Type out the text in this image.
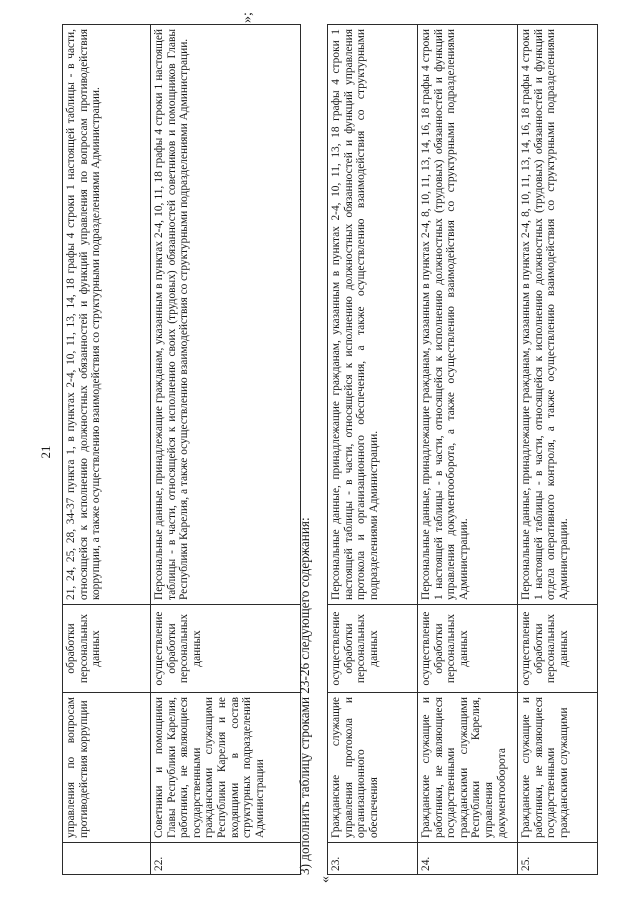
21
	управления по вопросам противодействия коррупции	обработки персональных данных	21, 24, 25, 28, 34-37 пункта 1, в пунктах 2-4, 10, 11, 13, 14, 18 графы 4 строки 1 настоящей таблицы - в части, относящейся к исполнению должностных обязанностей и функций управления по вопросам противодействия коррупции, а также осуществлению взаимодействия со структурными подразделениями Администрации.
22.	Советники и помощники Главы Республики Карелия, работники, не являющиеся государственными гражданскими служащими Республики Карелия и не входящими в состав структурных подразделений Администрации	осуществление обработки персональных данных	Персональные данные, принадлежащие гражданам, указанным в пунктах 2-4, 10, 11, 18 графы 4 строки 1 настоящей таблицы - в части, относящейся к исполнению своих (трудовых) обязанностей советников и помощников Главы Республики Карелия, а также осуществлению взаимодействия со структурными подразделениями Администрации.
»;
3) дополнить таблицу строками 23-26 следующего содержания:
«
23.	Гражданские служащие управления протокола и организационного обеспечения	осуществление обработки персональных данных	Персональные данные, принадлежащие гражданам, указанным в пунктах 2-4, 10, 11, 13, 18 графы 4 строки 1 настоящей таблицы - в части, относящейся к исполнению должностных обязанностей и функций управления протокола и организационного обеспечения, а также осуществлению взаимодействия со структурными подразделениями Администрации.
24.	Гражданские служащие и работники, не являющиеся государственными гражданскими служащими Республики Карелия, управления документооборота	осуществление обработки персональных данных	Персональные данные, принадлежащие гражданам, указанным в пунктах 2-4, 8, 10, 11, 13, 14, 16, 18 графы 4 строки 1 настоящей таблицы - в части, относящейся к исполнению должностных (трудовых) обязанностей и функций управления документооборота, а также осуществлению взаимодействия со структурными подразделениями Администрации.
25.	Гражданские служащие и работники, не являющиеся государственными гражданскими служащими	осуществление обработки персональных данных	Персональные данные, принадлежащие гражданам, указанным в пунктах 2-4, 8, 10, 11, 13, 14, 16, 18 графы 4 строки 1 настоящей таблицы - в части, относящейся к исполнению должностных (трудовых) обязанностей и функций отдела оперативного контроля, а также осуществлению взаимодействия со структурными подразделениями Администрации.
